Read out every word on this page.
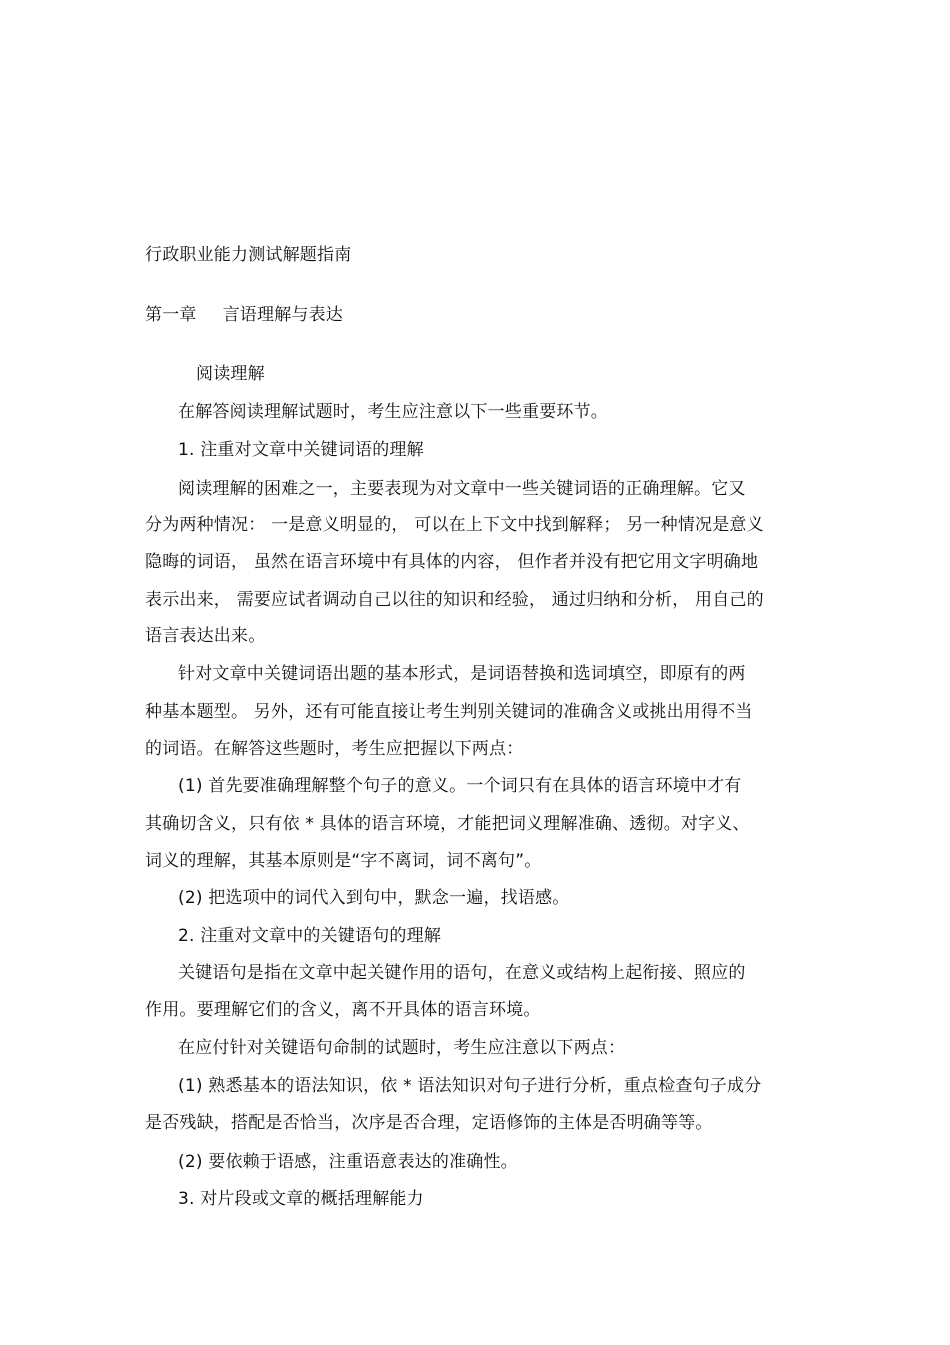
行政职业能力测试解题指南

第一章 言语理解与表达

阅读理解

在解答阅读理解试题时，考生应注意以下一些重要环节。

1. 注重对文章中关键词语的理解

阅读理解的困难之一，主要表现为对文章中一些关键词语的正确理解。它又

分为两种情况： 一是意义明显的， 可以在上下文中找到解释； 另一种情况是意义

隐晦的词语， 虽然在语言环境中有具体的内容， 但作者并没有把它用文字明确地

表示出来， 需要应试者调动自己以往的知识和经验， 通过归纳和分析， 用自己的

语言表达出来。

针对文章中关键词语出题的基本形式，是词语替换和选词填空，即原有的两

种基本题型。 另外，还有可能直接让考生判别关键词的准确含义或挑出用得不当

的词语。在解答这些题时，考生应把握以下两点：

(1) 首先要准确理解整个句子的意义。一个词只有在具体的语言环境中才有

其确切含义，只有依 * 具体的语言环境，才能把词义理解准确、透彻。对字义、

词义的理解，其基本原则是“字不离词，词不离句”。

(2) 把选项中的词代入到句中，默念一遍，找语感。

2. 注重对文章中的关键语句的理解

关键语句是指在文章中起关键作用的语句，在意义或结构上起衔接、照应的

作用。要理解它们的含义，离不开具体的语言环境。

在应付针对关键语句命制的试题时，考生应注意以下两点：

(1) 熟悉基本的语法知识，依 * 语法知识对句子进行分析，重点检查句子成分

是否残缺，搭配是否恰当，次序是否合理，定语修饰的主体是否明确等等。

(2) 要依赖于语感，注重语意表达的准确性。

3. 对片段或文章的概括理解能力
